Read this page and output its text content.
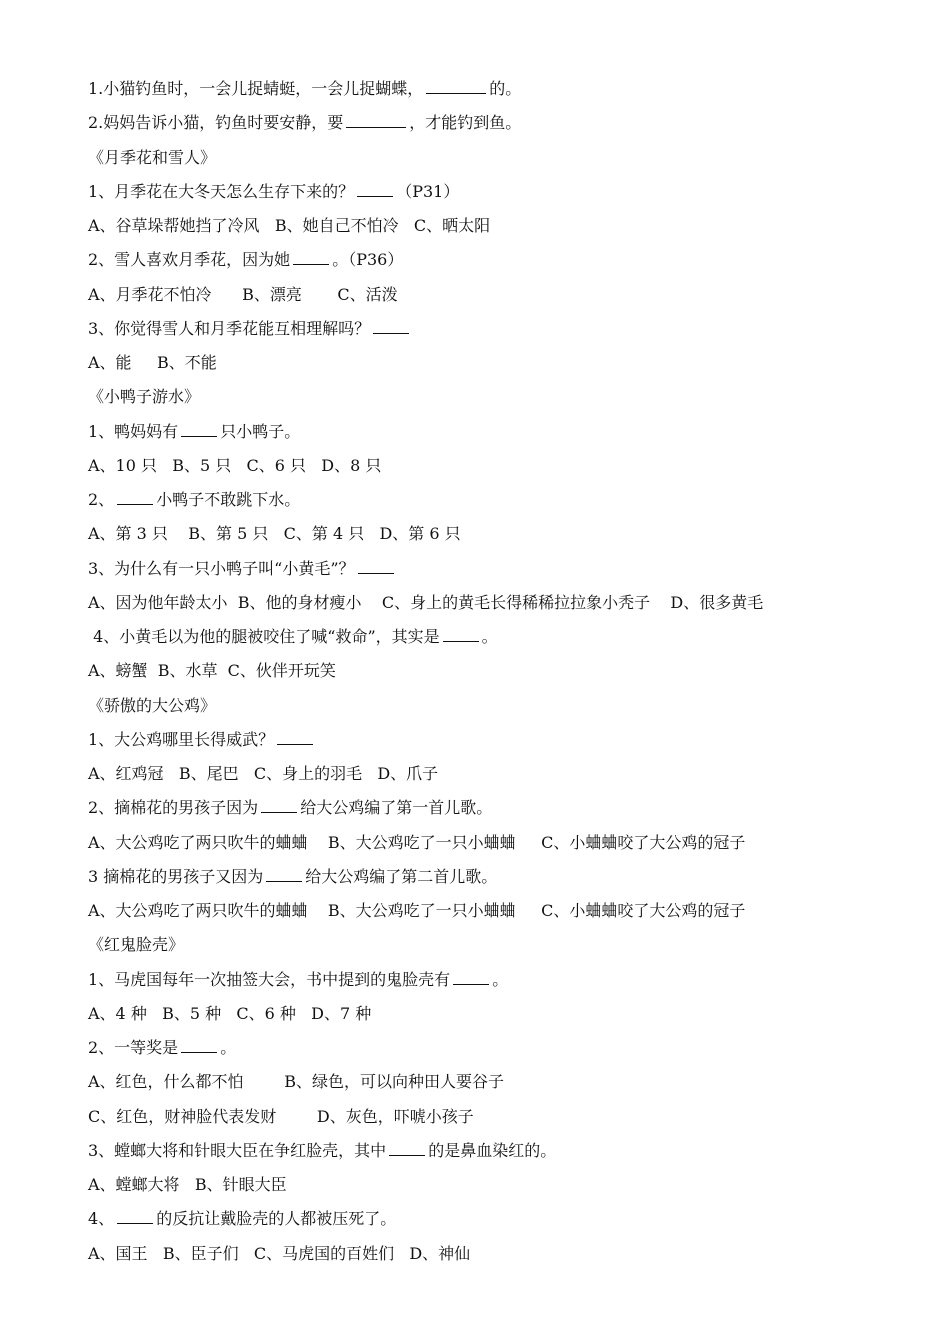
1.小猫钓鱼时，一会儿捉蜻蜓，一会儿捉蝴蝶，	的。
2.妈妈告诉小猫，钓鱼时要安静，要	，才能钓到鱼。
《月季花和雪人》
1、月季花在大冬天怎么生存下来的？	（P31）
A、谷草垛帮她挡了冷风   B、她自己不怕冷   C、晒太阳
2、雪人喜欢月季花，因为她	。（P36）
A、月季花不怕冷      B、漂亮       C、活泼
3、你觉得雪人和月季花能互相理解吗？
A、能     B、不能
《小鸭子游水》
1、鸭妈妈有	只小鸭子。
A、10 只   B、5 只   C、6 只   D、8 只
2、	小鸭子不敢跳下水。
A、第 3 只    B、第 5 只   C、第 4 只   D、第 6 只
3、为什么有一只小鸭子叫“小黄毛”？
A、因为他年龄太小  B、他的身材瘦小    C、身上的黄毛长得稀稀拉拉象小秃子    D、很多黄毛
4、小黄毛以为他的腿被咬住了喊“救命”，其实是	。
A、螃蟹  B、水草  C、伙伴开玩笑
《骄傲的大公鸡》
1、大公鸡哪里长得威武？
A、红鸡冠   B、尾巴   C、身上的羽毛   D、爪子
2、摘棉花的男孩子因为	给大公鸡编了第一首儿歌。
A、大公鸡吃了两只吹牛的蛐蛐    B、大公鸡吃了一只小蛐蛐     C、小蛐蛐咬了大公鸡的冠子
3 摘棉花的男孩子又因为	给大公鸡编了第二首儿歌。
A、大公鸡吃了两只吹牛的蛐蛐    B、大公鸡吃了一只小蛐蛐     C、小蛐蛐咬了大公鸡的冠子
《红鬼脸壳》
1、马虎国每年一次抽签大会，书中提到的鬼脸壳有	。
A、4 种   B、5 种   C、6 种   D、7 种
2、一等奖是	。
A、红色，什么都不怕        B、绿色，可以向种田人要谷子
C、红色，财神脸代表发财        D、灰色，吓唬小孩子
3、螳螂大将和针眼大臣在争红脸壳，其中	的是鼻血染红的。
A、螳螂大将   B、针眼大臣
4、	的反抗让戴脸壳的人都被压死了。
A、国王   B、臣子们   C、马虎国的百姓们   D、神仙
